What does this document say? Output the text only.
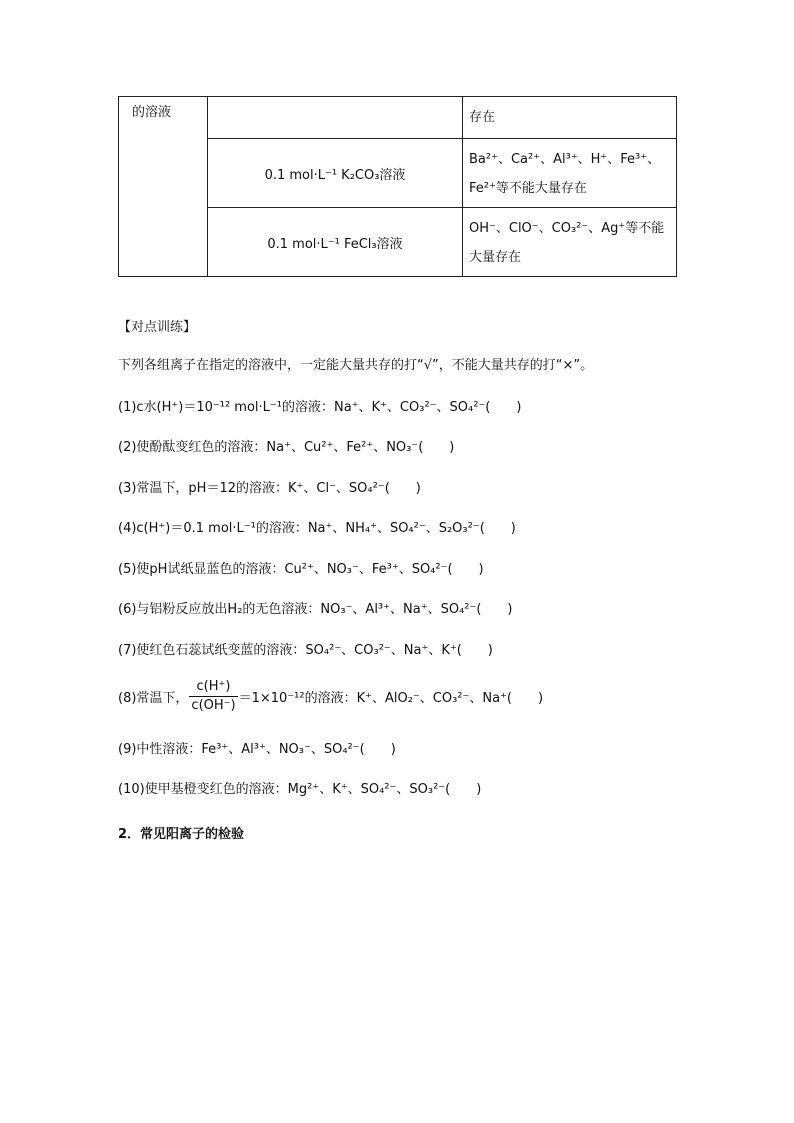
的溶液		存在
	0.1 mol·L⁻¹ K₂CO₃溶液	Ba²⁺、Ca²⁺、Al³⁺、H⁺、Fe³⁺、Fe²⁺等不能大量存在
	0.1 mol·L⁻¹ FeCl₃溶液	OH⁻、ClO⁻、CO₃²⁻、Ag⁺等不能大量存在
【对点训练】
下列各组离子在指定的溶液中，一定能大量共存的打“√”，不能大量共存的打“×”。
(1)c水(H⁺)＝10⁻¹² mol·L⁻¹的溶液：Na⁺、K⁺、CO₃²⁻、SO₄²⁻(　　)
(2)使酚酞变红色的溶液：Na⁺、Cu²⁺、Fe²⁺、NO₃⁻(　　)
(3)常温下，pH＝12的溶液：K⁺、Cl⁻、SO₄²⁻(　　)
(4)c(H⁺)＝0.1 mol·L⁻¹的溶液：Na⁺、NH₄⁺、SO₄²⁻、S₂O₃²⁻(　　)
(5)使pH试纸显蓝色的溶液：Cu²⁺、NO₃⁻、Fe³⁺、SO₄²⁻(　　)
(6)与铝粉反应放出H₂的无色溶液：NO₃⁻、Al³⁺、Na⁺、SO₄²⁻(　　)
(7)使红色石蕊试纸变蓝的溶液：SO₄²⁻、CO₃²⁻、Na⁺、K⁺(　　)
(8)常温下， $\frac{c(H^+)}{c(OH^-)} =1\times 10^{-12}$的溶液：K⁺、AlO₂⁻、CO₃²⁻、Na⁺(　　)
(9)中性溶液：Fe³⁺、Al³⁺、NO₃⁻、SO₄²⁻(　　)
(10)使甲基橙变红色的溶液：Mg²⁺、K⁺、SO₄²⁻、SO₃²⁻(　　)
2．常见阳离子的检验
